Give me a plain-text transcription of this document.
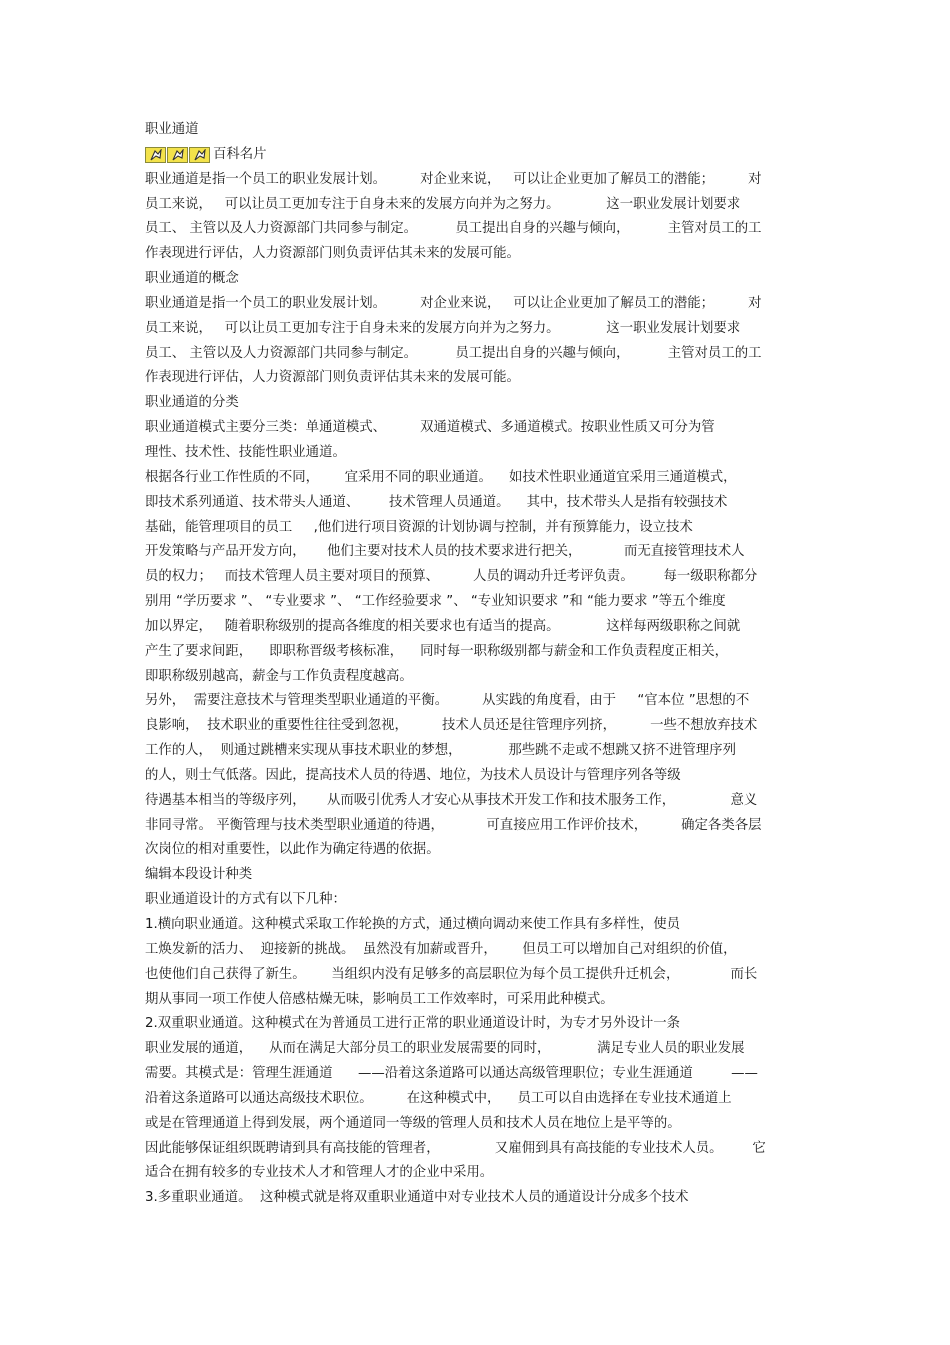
职业通道

百科名片
职业通道是指一个员工的职业发展计划。        对企业来说，   可以让企业更加了解员工的潜能；        对
员工来说，   可以让员工更加专注于自身未来的发展方向并为之努力。           这一职业发展计划要求
员工、 主管以及人力资源部门共同参与制定。         员工提出自身的兴趣与倾向，         主管对员工的工
作表现进行评估，人力资源部门则负责评估其未来的发展可能。
职业通道的概念
职业通道是指一个员工的职业发展计划。        对企业来说，   可以让企业更加了解员工的潜能；        对
员工来说，   可以让员工更加专注于自身未来的发展方向并为之努力。           这一职业发展计划要求
员工、 主管以及人力资源部门共同参与制定。         员工提出自身的兴趣与倾向，         主管对员工的工
作表现进行评估，人力资源部门则负责评估其未来的发展可能。
职业通道的分类
职业通道模式主要分三类：单通道模式、        双通道模式、多通道模式。按职业性质又可分为管
理性、技术性、技能性职业通道。
根据各行业工作性质的不同，      宜采用不同的职业通道。    如技术性职业通道宜采用三通道模式，
即技术系列通道、技术带头人通道、       技术管理人员通道。    其中，技术带头人是指有较强技术
基础，能管理项目的员工     ,他们进行项目资源的计划协调与控制，并有预算能力，设立技术
开发策略与产品开发方向，     他们主要对技术人员的技术要求进行把关，          而无直接管理技术人
员的权力；   而技术管理人员主要对项目的预算、        人员的调动升迁考评负责。       每一级职称都分
别用 “学历要求 ”、 “专业要求 ”、 “工作经验要求 ”、 “专业知识要求 ”和 “能力要求 ”等五个维度
加以界定，   随着职称级别的提高各维度的相关要求也有适当的提高。           这样每两级职称之间就
产生了要求间距，    即职称晋级考核标准，    同时每一职称级别都与薪金和工作负责程度正相关，
即职称级别越高，薪金与工作负责程度越高。
另外，  需要注意技术与管理类型职业通道的平衡。        从实践的角度看，由于     “官本位 ”思想的不
良影响，  技术职业的重要性往往受到忽视，        技术人员还是往管理序列挤，        一些不想放弃技术
工作的人，  则通过跳槽来实现从事技术职业的梦想，           那些跳不走或不想跳又挤不进管理序列
的人，则士气低落。因此，提高技术人员的待遇、地位，为技术人员设计与管理序列各等级
待遇基本相当的等级序列，     从而吸引优秀人才安心从事技术开发工作和技术服务工作，             意义
非同寻常。 平衡管理与技术类型职业通道的待遇，          可直接应用工作评价技术，        确定各类各层
次岗位的相对重要性，以此作为确定待遇的依据。
编辑本段设计种类
职业通道设计的方式有以下几种：
1.横向职业通道。这种模式采取工作轮换的方式，通过横向调动来使工作具有多样性，使员
工焕发新的活力、  迎接新的挑战。  虽然没有加薪或晋升，      但员工可以增加自己对组织的价值，
也使他们自己获得了新生。      当组织内没有足够多的高层职位为每个员工提供升迁机会，            而长
期从事同一项工作使人倍感枯燥无味，影响员工工作效率时，可采用此种模式。
2.双重职业通道。这种模式在为普通员工进行正常的职业通道设计时，为专才另外设计一条
职业发展的通道，    从而在满足大部分员工的职业发展需要的同时，           满足专业人员的职业发展
需要。其模式是：管理生涯通道      ——沿着这条道路可以通达高级管理职位；专业生涯通道         ——
沿着这条道路可以通达高级技术职位。        在这种模式中，    员工可以自由选择在专业技术通道上
或是在管理通道上得到发展，两个通道同一等级的管理人员和技术人员在地位上是平等的。
因此能够保证组织既聘请到具有高技能的管理者，             又雇佣到具有高技能的专业技术人员。       它
适合在拥有较多的专业技术人才和管理人才的企业中采用。
3.多重职业通道。  这种模式就是将双重职业通道中对专业技术人员的通道设计分成多个技术
